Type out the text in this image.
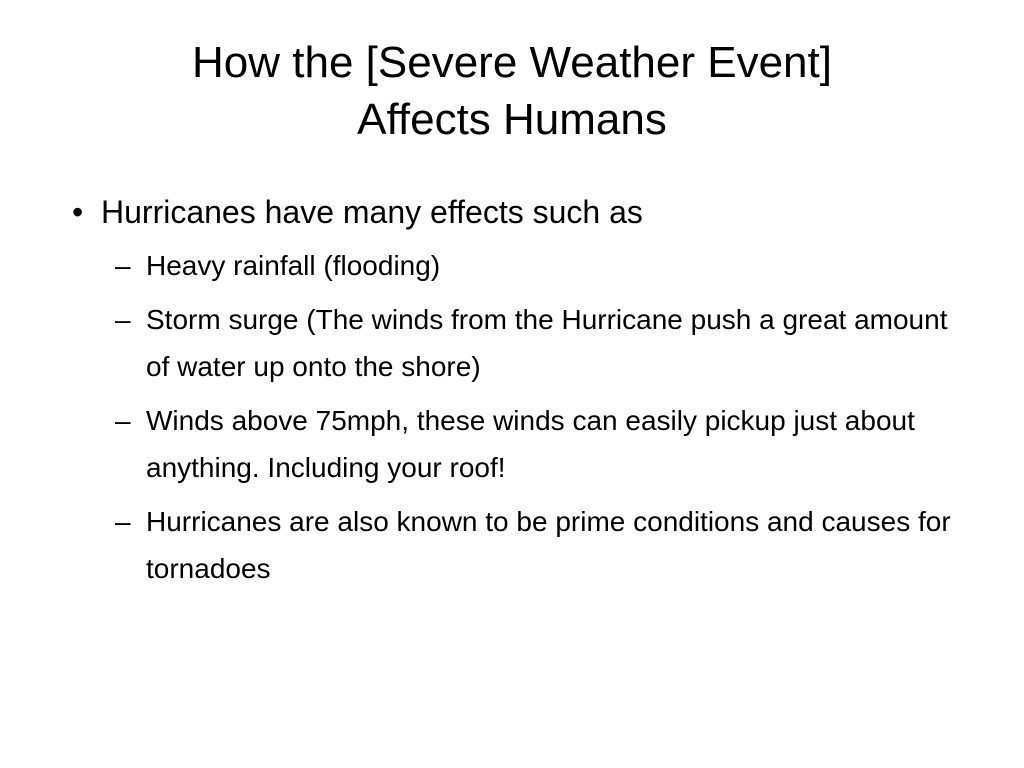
How the [Severe Weather Event]
Affects Humans
• Hurricanes have many effects such as
– Heavy rainfall (flooding)
– Storm surge (The winds from the Hurricane push a great amount of water up onto the shore)
– Winds above 75mph, these winds can easily pickup just about anything. Including your roof!
– Hurricanes are also known to be prime conditions and causes for tornadoes
